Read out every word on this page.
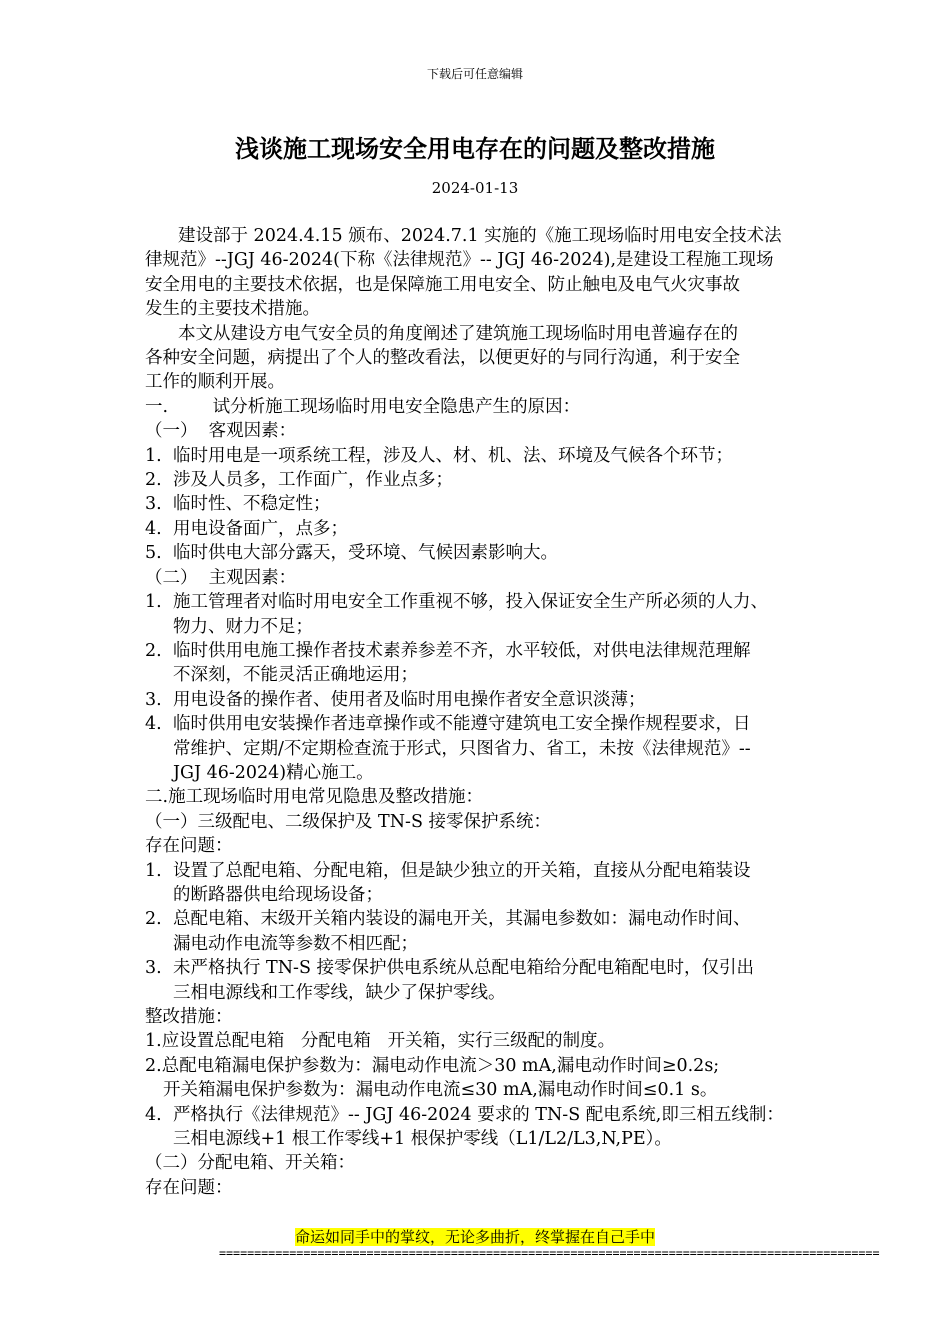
下载后可任意编辑
浅谈施工现场安全用电存在的问题及整改措施
2024-01-13
建设部于 2024.4.15 颁布、2024.7.1 实施的《施工现场临时用电安全技术法
律规范》--JGJ 46-2024(下称《法律规范》-- JGJ 46-2024),是建设工程施工现场
安全用电的主要技术依据，也是保障施工用电安全、防止触电及电气火灾事故
发生的主要技术措施。
本文从建设方电气安全员的角度阐述了建筑施工现场临时用电普遍存在的
各种安全问题，病提出了个人的整改看法，以便更好的与同行沟通，利于安全
工作的顺利开展。
一.        试分析施工现场临时用电安全隐患产生的原因：
（一）  客观因素：
1. 临时用电是一项系统工程，涉及人、材、机、法、环境及气候各个环节；
2. 涉及人员多，工作面广，作业点多；
3. 临时性、不稳定性；
4. 用电设备面广，点多；
5. 临时供电大部分露天，受环境、气候因素影响大。
（二）  主观因素：
1. 施工管理者对临时用电安全工作重视不够，投入保证安全生产所必须的人力、
物力、财力不足；
2. 临时供用电施工操作者技术素养参差不齐，水平较低，对供电法律规范理解
不深刻，不能灵活正确地运用；
3. 用电设备的操作者、使用者及临时用电操作者安全意识淡薄；
4. 临时供用电安装操作者违章操作或不能遵守建筑电工安全操作规程要求，日
常维护、定期/不定期检查流于形式，只图省力、省工，未按《法律规范》--
JGJ 46-2024)精心施工。
二.施工现场临时用电常见隐患及整改措施：
（一）三级配电、二级保护及 TN-S 接零保护系统：
存在问题：
1. 设置了总配电箱、分配电箱，但是缺少独立的开关箱，直接从分配电箱装设
的断路器供电给现场设备；
2. 总配电箱、末级开关箱内装设的漏电开关，其漏电参数如：漏电动作时间、
漏电动作电流等参数不相匹配；
3. 未严格执行 TN-S 接零保护供电系统从总配电箱给分配电箱配电时，仅引出
三相电源线和工作零线，缺少了保护零线。
整改措施：
1.应设置总配电箱   分配电箱   开关箱，实行三级配的制度。
2.总配电箱漏电保护参数为：漏电动作电流＞30 mA,漏电动作时间≥0.2s;
开关箱漏电保护参数为：漏电动作电流≤30 mA,漏电动作时间≤0.1 s。
4. 严格执行《法律规范》-- JGJ 46-2024 要求的 TN-S 配电系统,即三相五线制：
三相电源线+1 根工作零线+1 根保护零线（L1/L2/L3,N,PE）。
（二）分配电箱、开关箱：
存在问题：
命运如同手中的掌纹，无论多曲折，终掌握在自己手中
==============================================================================================
